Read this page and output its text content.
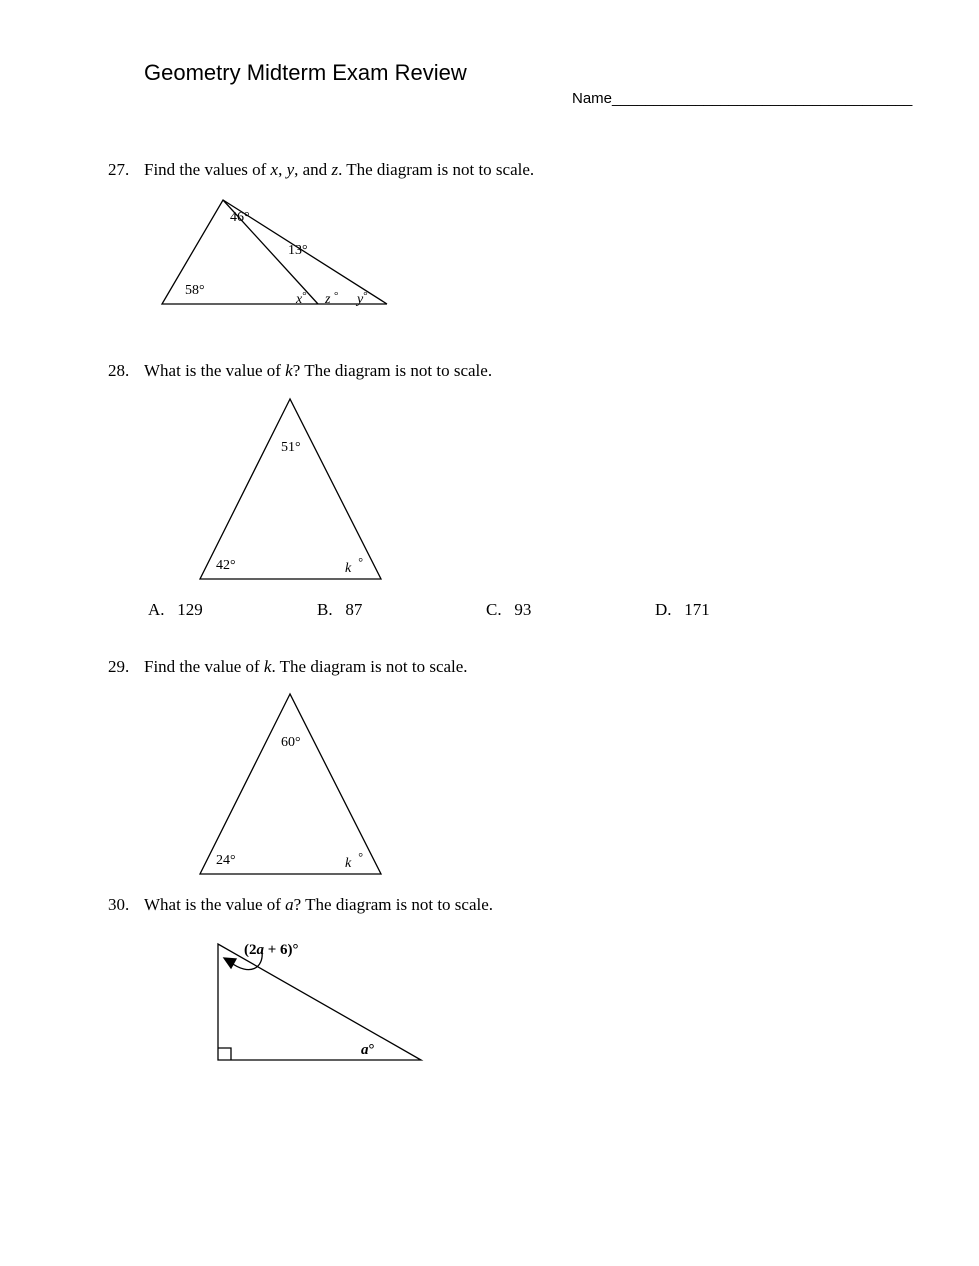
Geometry Midterm Exam Review
Name____________________________________
27. Find the values of x, y, and z. The diagram is not to scale.
46°
13°
58°
x° z ° y°
28. What is the value of k? The diagram is not to scale.
51°
42°	k °
A. 129	B. 87	C. 93	D. 171
29. Find the value of k. The diagram is not to scale.
60°
24°	k °
30. What is the value of a? The diagram is not to scale.
(2a + 6)°
a°
